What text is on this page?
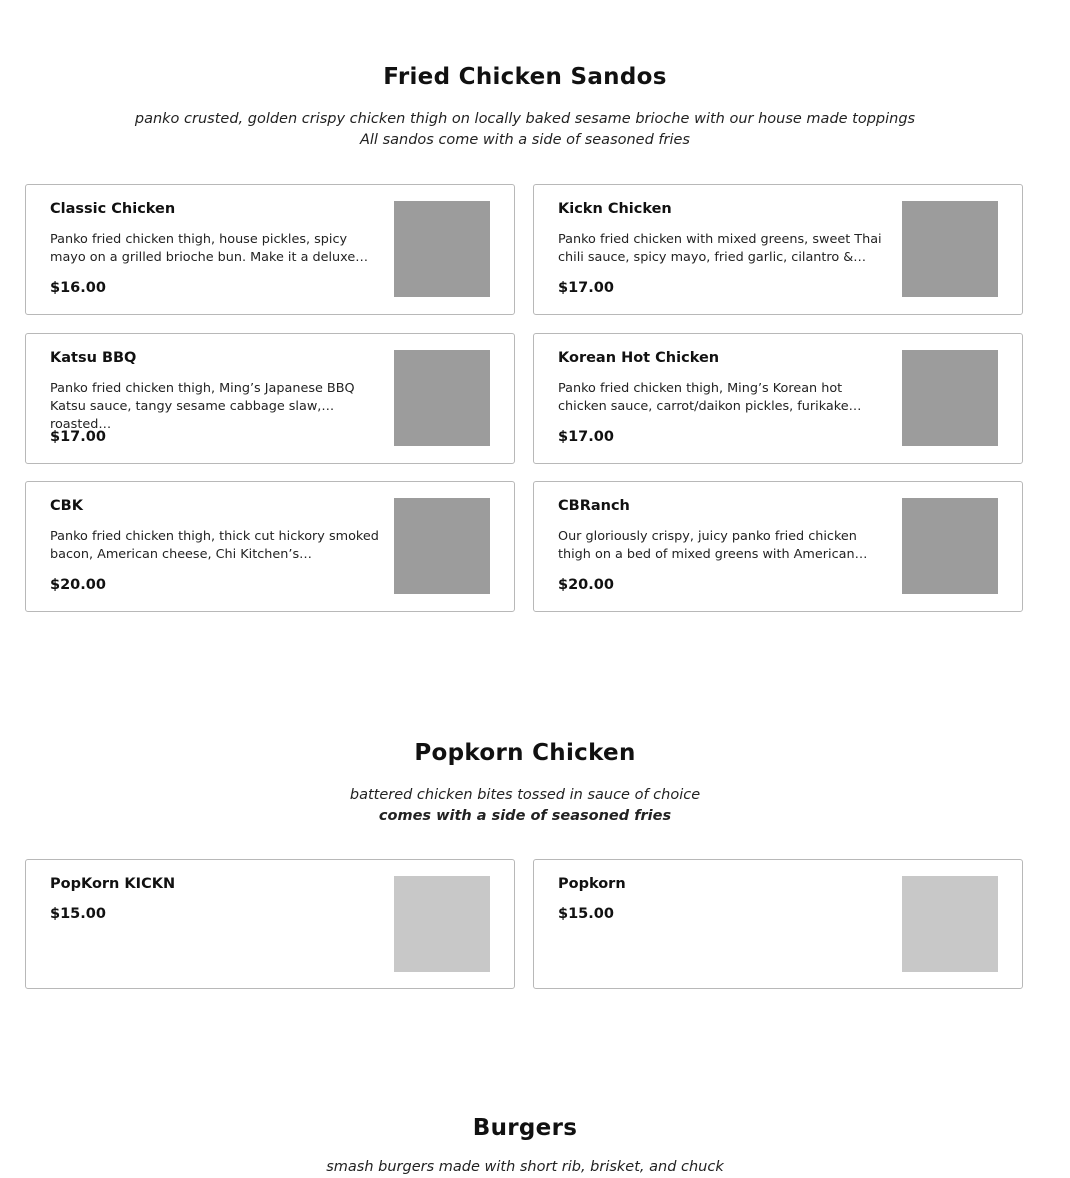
Fried Chicken Sandos
panko crusted, golden crispy chicken thigh on locally baked sesame brioche with our house made toppings
All sandos come with a side of seasoned fries
Classic Chicken
Panko fried chicken thigh, house pickles, spicy mayo on a grilled brioche bun. Make it a deluxe…
$16.00
Kickn Chicken
Panko fried chicken with mixed greens, sweet Thai chili sauce, spicy mayo, fried garlic, cilantro &…
$17.00
Katsu BBQ
Panko fried chicken thigh, Ming’s Japanese BBQ Katsu sauce, tangy sesame cabbage slaw, roasted…
$17.00
Korean Hot Chicken
Panko fried chicken thigh, Ming’s Korean hot chicken sauce, carrot/daikon pickles, furikake…
$17.00
CBK
Panko fried chicken thigh, thick cut hickory smoked bacon, American cheese, Chi Kitchen’s…
$20.00
CBRanch
Our gloriously crispy, juicy panko fried chicken thigh on a bed of mixed greens with American…
$20.00
Popkorn Chicken
battered chicken bites tossed in sauce of choice
comes with a side of seasoned fries
PopKorn KICKN
$15.00
Popkorn
$15.00
Burgers
smash burgers made with short rib, brisket, and chuck
